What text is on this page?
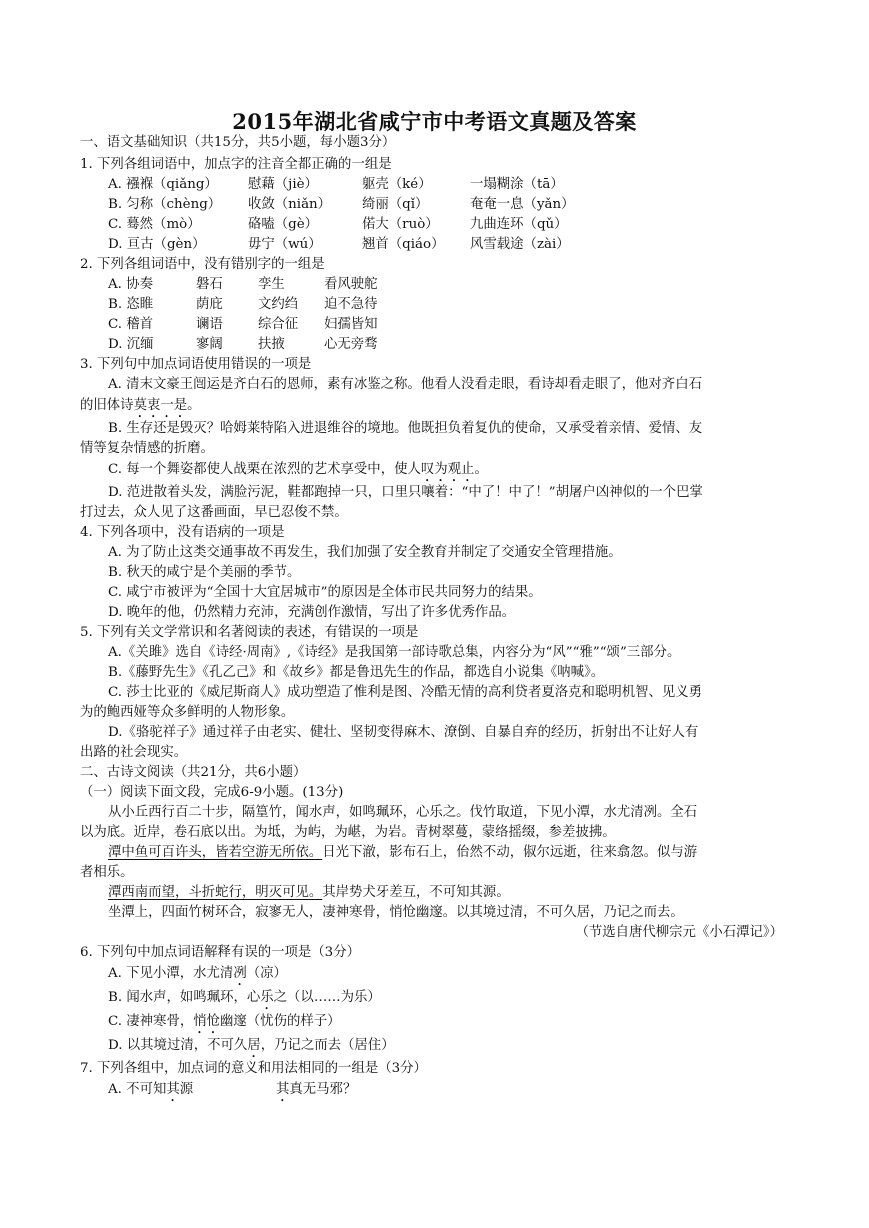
2015年湖北省咸宁市中考语文真题及答案
一、语文基础知识（共15分，共5小题，每小题3分）
1. 下列各组词语中，加点字的注音全都正确的一组是
A. 襁褓（qiǎng） 慰藉（jiè）	躯壳（ké）	一塌糊涂（tā）
B. 匀称（chèng） 收敛（niǎn） 绮丽（qǐ）	奄奄一息（yǎn）
C. 蓦然（mò）	硌嗑（gè）	偌大（ruò） 九曲连环（qǔ）
D. 亘古（gèn）	毋宁（wú）	翘首（qiáo） 风雪载途（zài）
2. 下列各组词语中，没有错别字的一组是
A. 协奏	磐石	孪生	看风驶舵
B. 恣睢	荫庇	文约绉 迫不急待
C. 稽首	谰语	综合征 妇孺皆知
D. 沉缅	寥阔	扶掖	心无旁骛
3. 下列句中加点词语使用错误的一项是
A. 清末文豪王闿运是齐白石的恩师，素有冰鉴之称。他看人没看走眼，看诗却看走眼了，他对齐白石
的旧体诗莫衷一是。
B. 生存还是毁灭？哈姆莱特陷入进退维谷的境地。他既担负着复仇的使命，又承受着亲情、爱情、友
情等复杂情感的折磨。
C. 每一个舞姿都使人战栗在浓烈的艺术享受中，使人叹为观止。
D. 范进散着头发，满脸污泥，鞋都跑掉一只，口里只嚷着：“中了！中了！”胡屠户凶神似的一个巴掌
打过去，众人见了这番画面，早已忍俊不禁。
4. 下列各项中，没有语病的一项是
A. 为了防止这类交通事故不再发生，我们加强了安全教育并制定了交通安全管理措施。
B. 秋天的咸宁是个美丽的季节。
C. 咸宁市被评为“全国十大宜居城市”的原因是全体市民共同努力的结果。
D. 晚年的他，仍然精力充沛，充满创作激情，写出了许多优秀作品。
5. 下列有关文学常识和名著阅读的表述，有错误的一项是
A.《关雎》选自《诗经·周南》,《诗经》是我国第一部诗歌总集，内容分为“风”“雅”“颂”三部分。
B.《藤野先生》《孔乙己》和《故乡》都是鲁迅先生的作品，都选自小说集《呐喊》。
C. 莎士比亚的《威尼斯商人》成功塑造了惟利是图、冷酷无情的高利贷者夏洛克和聪明机智、见义勇
为的鲍西娅等众多鲜明的人物形象。
D.《骆驼祥子》通过祥子由老实、健壮、坚韧变得麻木、潦倒、自暴自弃的经历，折射出不让好人有
出路的社会现实。
二、古诗文阅读（共21分，共6小题）
（一）阅读下面文段，完成6-9小题。(13分)
从小丘西行百二十步，隔篁竹，闻水声，如鸣珮环，心乐之。伐竹取道，下见小潭，水尤清冽。全石
以为底。近岸，卷石底以出。为坻，为屿，为嵁，为岩。青树翠蔓，蒙络摇缀，参差披拂。
潭中鱼可百许头，皆若空游无所依。日光下澈，影布石上，佁然不动，俶尔远逝，往来翕忽。似与游
者相乐。
潭西南而望，斗折蛇行，明灭可见。其岸势犬牙差互，不可知其源。
坐潭上，四面竹树环合，寂寥无人，凄神寒骨，悄怆幽邃。以其境过清，不可久居，乃记之而去。
（节选自唐代柳宗元《小石潭记》）
6. 下列句中加点词语解释有误的一项是（3分）
A. 下见小潭，水尤清冽（凉）
B. 闻水声，如鸣珮环，心乐之（以……为乐）
C. 凄神寒骨，悄怆幽邃（忧伤的样子）
D. 以其境过清，不可久居，乃记之而去（居住）
7. 下列各组中，加点词的意义和用法相同的一组是（3分）
A. 不可知其源	其真无马邪？
